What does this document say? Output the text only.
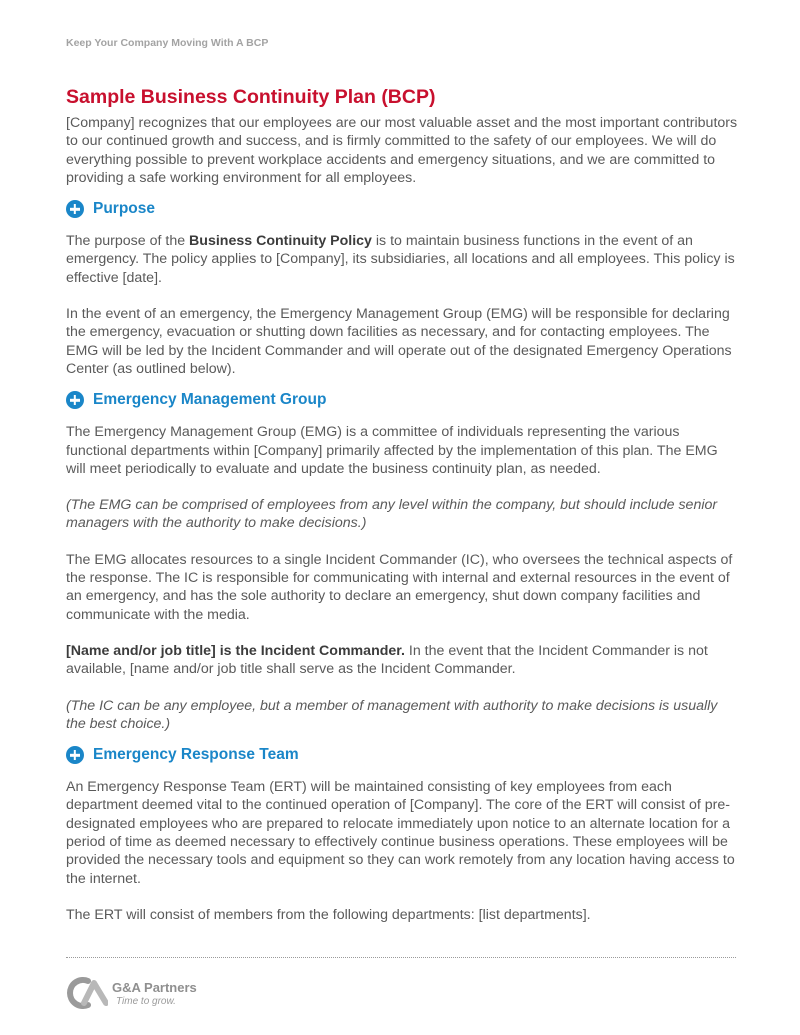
Keep Your Company Moving With A BCP
Sample Business Continuity Plan (BCP)

[Company] recognizes that our employees are our most valuable asset and the most important contributors to our continued growth and success, and is firmly committed to the safety of our employees. We will do everything possible to prevent workplace accidents and emergency situations, and we are committed to providing a safe working environment for all employees.

Purpose

The purpose of the Business Continuity Policy is to maintain business functions in the event of an emergency. The policy applies to [Company], its subsidiaries, all locations and all employees. This policy is effective [date].

In the event of an emergency, the Emergency Management Group (EMG) will be responsible for declaring the emergency, evacuation or shutting down facilities as necessary, and for contacting employees. The EMG will be led by the Incident Commander and will operate out of the designated Emergency Operations Center (as outlined below).

Emergency Management Group

The Emergency Management Group (EMG) is a committee of individuals representing the various functional departments within [Company] primarily affected by the implementation of this plan. The EMG will meet periodically to evaluate and update the business continuity plan, as needed.

(The EMG can be comprised of employees from any level within the company, but should include senior managers with the authority to make decisions.)

The EMG allocates resources to a single Incident Commander (IC), who oversees the technical aspects of the response. The IC is responsible for communicating with internal and external resources in the event of an emergency, and has the sole authority to declare an emergency, shut down company facilities and communicate with the media.

[Name and/or job title] is the Incident Commander. In the event that the Incident Commander is not available, [name and/or job title shall serve as the Incident Commander.

(The IC can be any employee, but a member of management with authority to make decisions is usually the best choice.)

Emergency Response Team

An Emergency Response Team (ERT) will be maintained consisting of key employees from each department deemed vital to the continued operation of [Company]. The core of the ERT will consist of pre-designated employees who are prepared to relocate immediately upon notice to an alternate location for a period of time as deemed necessary to effectively continue business operations. These employees will be provided the necessary tools and equipment so they can work remotely from any location having access to the internet.

The ERT will consist of members from the following departments: [list departments].

G&A Partners
Time to grow.
